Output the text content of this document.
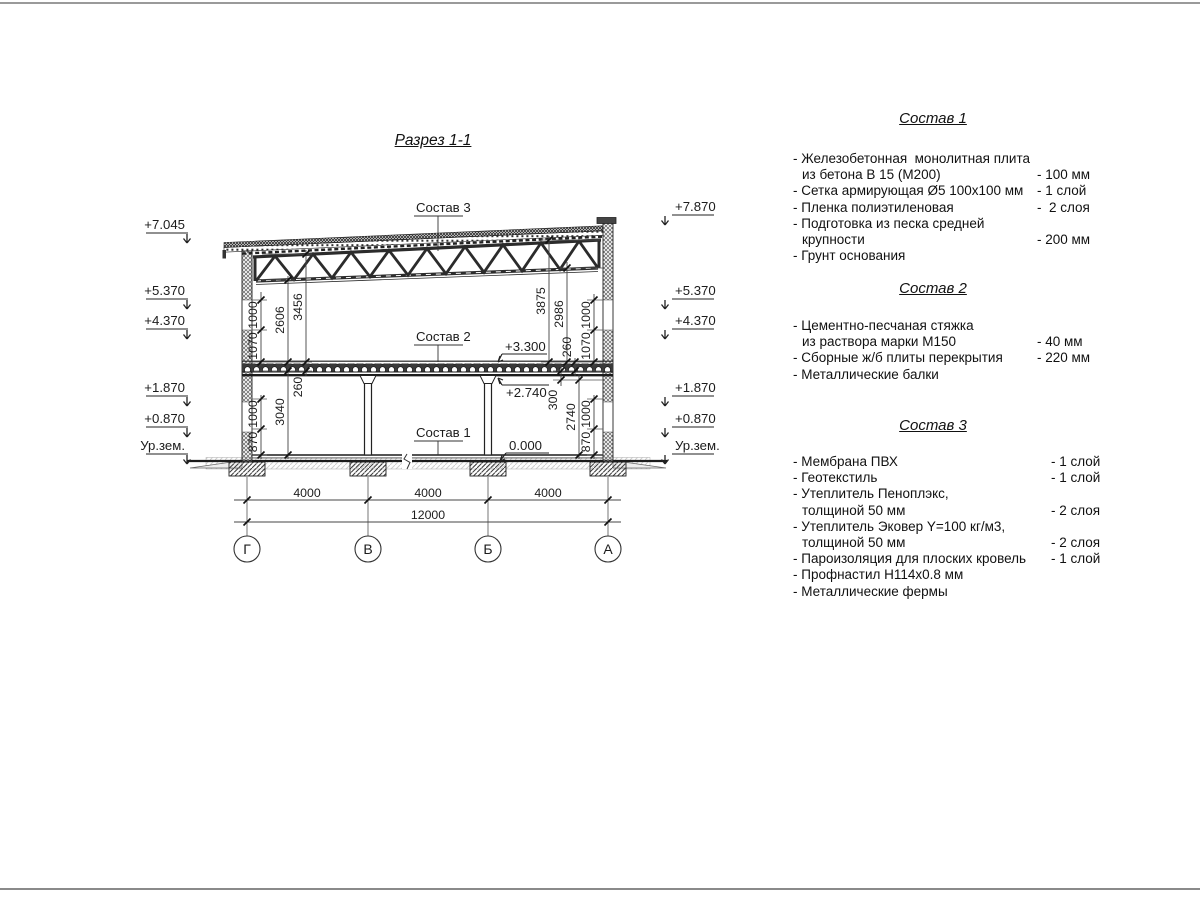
Разрез 1-1
1070
1000 2606 3456
870
1000 3040
260
3875 2986
260
1000
1070
300
2740 1000
870
4000	4000	4000
12000
Г	В	Б	А
+7.045
+5.370
+4.370
+1.870
+0.870
Ур.зем.
+7.870
+5.370
+4.370
+1.870
+0.870
Ур.зем.
+3.300
+2.740
0.000
Состав 3
Состав 2
Состав 1
Состав 1
- Железобетонная  монолитная плита
из бетона В 15 (М200)	- 100 мм
- Сетка армирующая Ø5 100х100 мм - 1 слой
- Пленка полиэтиленовая	-  2 слоя
- Подготовка из песка средней
крупности	- 200 мм
- Грунт основания
Состав 2
- Цементно-песчаная стяжка
из раствора марки М150	- 40 мм
- Сборные ж/б плиты перекрытия	- 220 мм
- Металлические балки
Состав 3
- Мембрана ПВХ	- 1 слой
- Геотекстиль	- 1 слой
- Утеплитель Пеноплэкс,
толщиной 50 мм	- 2 слоя
- Утеплитель Эковер Y=100 кг/м3,
толщиной 50 мм	- 2 слоя
- Пароизоляция для плоских кровель - 1 слой
- Профнастил Н114х0.8 мм
- Металлические фермы
